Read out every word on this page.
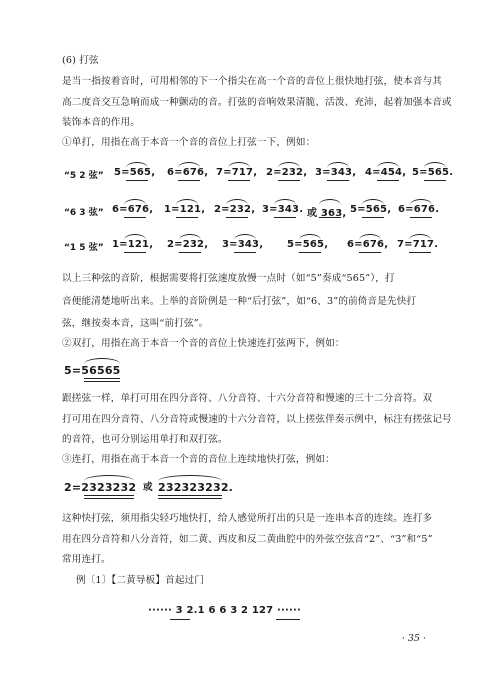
(6) 打弦
是当一指按着音时，可用相邻的下一个指尖在高一个音的音位上很快地打弦，使本音与其
高二度音交互急响而成一种颤动的音。打弦的音响效果清脆、活泼、充沛，起着加强本音或
装饰本音的作用。
①单打，用指在高于本音一个音的音位上打弦一下，例如：
“5 2 弦” 5=565, 6=676, 7=717, 2=232, 3=343, 4=454, 5=565.
“6 3 弦” 6=676, 1=121, 2=232, 3=343. 或 363, 5=565, 6=676.
“1 5 弦” 1=121, 2=232, 3=343, 5=565, 6=676, 7=717.
以上三种弦的音阶，根据需要将打弦速度放慢一点时（如“5”奏成“565”），打
音便能清楚地听出来。上举的音阶例是一种“后打弦”，如“6、3”的前倚音是先快打
弦，继按奏本音，这叫“前打弦”。
②双打，用指在高于本音一个音的音位上快速连打弦两下，例如：
5=56565
跟搓弦一样，单打可用在四分音符、八分音符、十六分音符和慢速的三十二分音符。双
打可用在四分音符、八分音符或慢速的十六分音符，以上搓弦伴奏示例中，标注有搓弦记号
的音符，也可分别运用单打和双打弦。
③连打，用指在高于本音一个音的音位上连续地快打弦，例如：
2=2323232 或 232323232.
这种快打弦，须用指尖轻巧地快打，给人感觉所打出的只是一连串本音的连续。连打多
用在四分音符和八分音符，如二黄、西皮和反二黄曲腔中的外弦空弦音“2”、“3”和“5”
常用连打。
例〔1〕【二黄导板】首起过门
······ 3 2.1 6 6 3 2 127 ······
· 35 ·
